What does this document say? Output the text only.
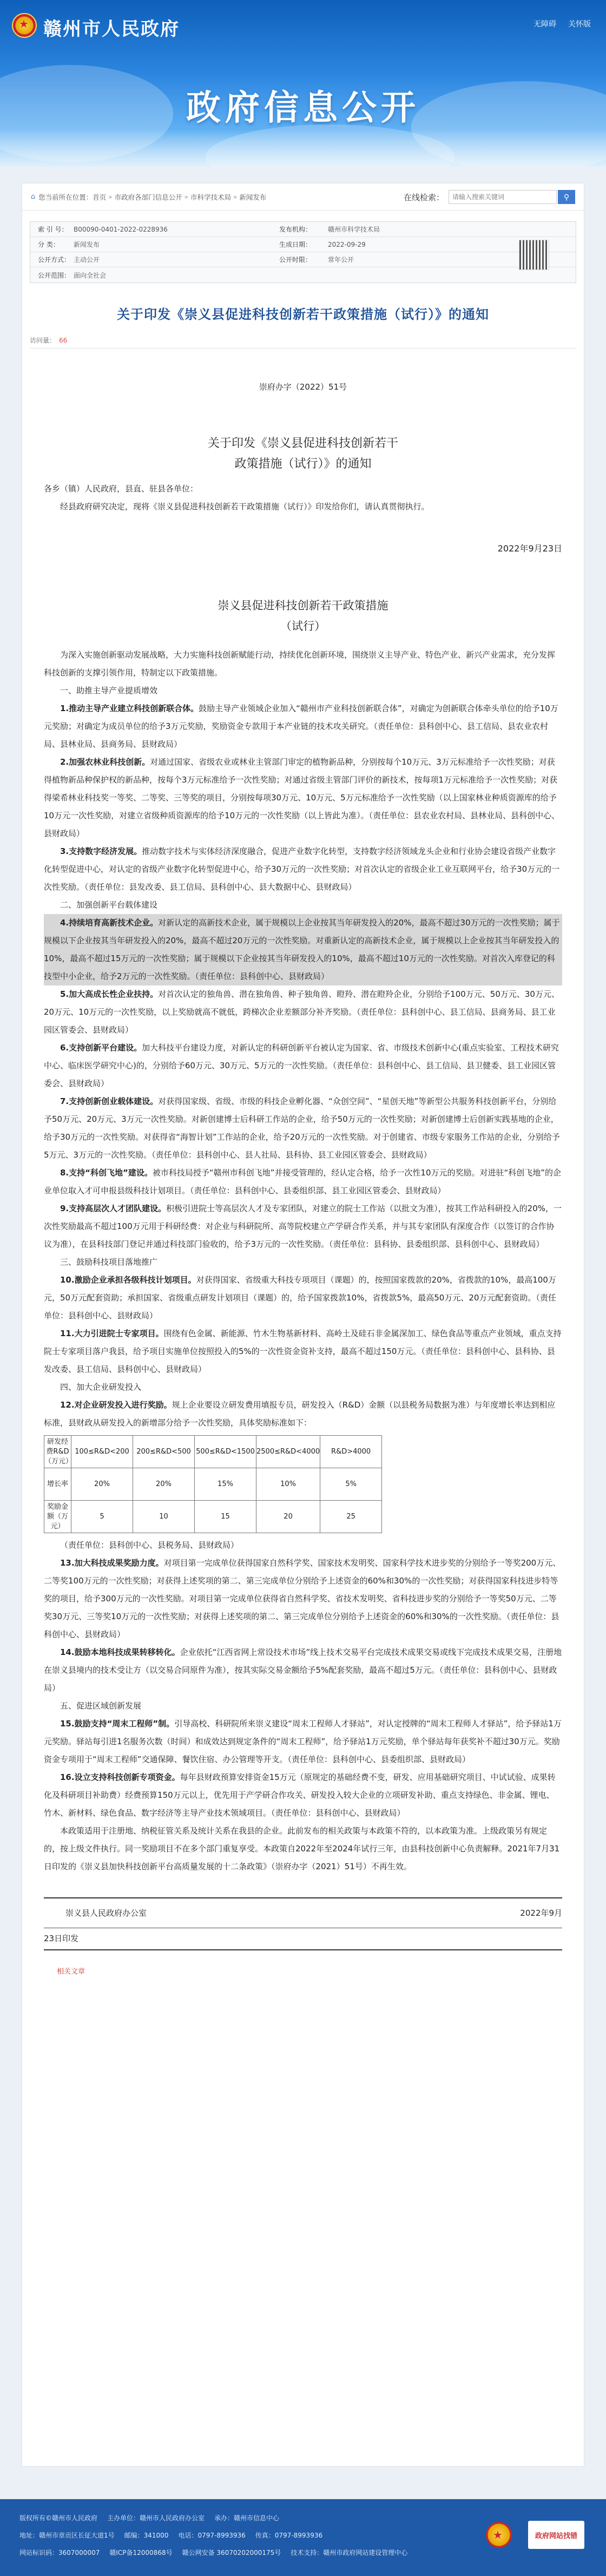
★ 赣州市人民政府	无障碍 关怀版
政府信息公开
⌂ 您当前所在位置： 首页 » 市政府各部门信息公开 » 市科学技术局 » 新闻发布	在线检索：
请输入搜索关键词	⚲
索 引 号： B00090-0401-2022-0228936	发布机构：	赣州市科学技术局
分 类：	新闻发布	生成日期：	2022-09-29
公开方式： 主动公开	公开时限：	常年公开
公开范围： 面向全社会
关于印发《崇义县促进科技创新若干政策措施（试行）》的通知
访问量： 66
崇府办字（2022）51号
关于印发《崇义县促进科技创新若干
政策措施（试行）》的通知
各乡（镇）人民政府，县直、驻县各单位：
经县政府研究决定，现将《崇义县促进科技创新若干政策措施（试行）》印发给你们，请认真贯彻执行。
2022年9月23日
崇义县促进科技创新若干政策措施
（试行）
为深入实施创新驱动发展战略，大力实施科技创新赋能行动，持续优化创新环境，围绕崇义主导产业、特色产业、新兴产业需求，充分发挥科技创新的支撑引领作用，特制定以下政策措施。
一、助推主导产业提质增效
1.推动主导产业建立科技创新联合体。鼓励主导产业领域企业加入“赣州市产业科技创新联合体”，对确定为创新联合体牵头单位的给予10万元奖励；对确定为成员单位的给予3万元奖励，奖励资金专款用于本产业链的技术攻关研究。（责任单位：县科创中心、县工信局、县农业农村局、县林业局、县商务局、县财政局）
2.加强农林业科技创新。对通过国家、省级农业或林业主管部门审定的植物新品种，分别按每个10万元、3万元标准给予一次性奖励；对获得植物新品种保护权的新品种，按每个3万元标准给予一次性奖励；对通过省级主管部门评价的新技术，按每项1万元标准给予一次性奖励；对获得梁希林业科技奖一等奖、二等奖、三等奖的项目，分别按每项30万元、10万元、5万元标准给予一次性奖励（以上国家林业种质资源库的给予10万元一次性奖励，对建立省级种质资源库的给予10万元的一次性奖励（以上皆此为准）。（责任单位：县农业农村局、县林业局、县科创中心、县财政局）
3.支持数字经济发展。推动数字技术与实体经济深度融合，促进产业数字化转型，支持数字经济领域龙头企业和行业协会建设省级产业数字化转型促进中心，对认定的省级产业数字化转型促进中心，给予30万元的一次性奖励；对首次认定的省级企业工业互联网平台，给予30万元的一次性奖励。（责任单位：县发改委、县工信局、县科创中心、县大数据中心、县财政局）
二、加强创新平台载体建设
4.持续培育高新技术企业。对新认定的高新技术企业，属于规模以上企业按其当年研发投入的20%，最高不超过30万元的一次性奖励；属于规模以下企业按其当年研发投入的20%，最高不超过20万元的一次性奖励。对重新认定的高新技术企业，属于规模以上企业按其当年研发投入的10%，最高不超过15万元的一次性奖励；属于规模以下企业按其当年研发投入的10%，最高不超过10万元的一次性奖励。对首次入库登记的科技型中小企业，给予2万元的一次性奖励。（责任单位：县科创中心、县财政局）
5.加大高成长性企业扶持。对首次认定的独角兽、潜在独角兽、种子独角兽、瞪羚、潜在瞪羚企业，分别给予100万元、50万元、30万元、20万元、10万元的一次性奖励，以上奖励就高不就低，跨梯次企业差额部分补齐奖励。（责任单位：县科创中心、县工信局、县商务局、县工业园区管委会、县财政局）
6.支持创新平台建设。加大科技平台建设力度，对新认定的科研创新平台被认定为国家、省、市级技术创新中心(重点实验室、工程技术研究中心、临床医学研究中心)的，分别给予60万元、30万元、5万元的一次性奖励。（责任单位：县科创中心、县工信局、县卫健委、县工业园区管委会、县财政局）
7.支持创新创业载体建设。对获得国家级、省级、市级的科技企业孵化器、“众创空间”、“星创天地”等新型公共服务科技创新平台，分别给予50万元、20万元、3万元一次性奖励。对新创建博士后科研工作站的企业，给予50万元的一次性奖励；对新创建博士后创新实践基地的企业，给予30万元的一次性奖励。对获得省“海智计划”工作站的企业，给予20万元的一次性奖励。对于创建省、市级专家服务工作站的企业，分别给予5万元、3万元的一次性奖励。（责任单位：县科创中心、县人社局、县科协、县工业园区管委会、县财政局）
8.支持“科创飞地”建设。被市科技局授予“赣州市科创飞地”并接受管理的，经认定合格，给予一次性10万元的奖励。对进驻“科创飞地”的企业单位取入才可申报县级科技计划项目。（责任单位：县科创中心、县委组织部、县工业园区管委会、县财政局）
9.支持高层次人才团队建设。积极引进院士等高层次人才及专家团队，对建立的院士工作站（以批文为准），按其工作站科研投入的20%，一次性奖励最高不超过100万元用于科研经费：对企业与科研院所、高等院校建立产学研合作关系，并与其专家团队有深度合作（以签订的合作协议为准），在县科技部门登记并通过科技部门验收的，给予3万元的一次性奖励。（责任单位：县科协、县委组织部、县科创中心、县财政局）
三、鼓励科技项目落地推广
10.激励企业承担各级科技计划项目。对获得国家、省级重大科技专项项目（课题）的，按照国家拨款的20%，省拨款的10%，最高100万元，50万元配套资助；承担国家、省级重点研发计划项目（课题）的，给予国家拨款10%，省拨款5%，最高50万元、20万元配套资助。（责任单位：县科创中心、县财政局）
11.大力引进院士专家项目。围绕有色金属、新能源、竹木生物基新材料、高岭土及硅石非金属深加工、绿色食品等重点产业领域，重点支持院士专家项目落户我县，给予项目实施单位按照投入的5%的一次性资金资补支持，最高不超过150万元。（责任单位：县科创中心、县科协、县发改委、县工信局、县科创中心、县财政局）
四、加大企业研发投入
12.对企业研发投入进行奖励。规上企业要设立研发费用填报专员，研发投入（R&D）金额（以县税务局数据为准）与年度增长率达到相应标准，县财政从研发投入的新增部分给予一次性奖励，具体奖励标准如下：
研发经费R&D（万元）	100≤R&D<200	200≤R&D<500	500≤R&D<1500	2500≤R&D<4000	R&D>4000
增长率	20%	20%	15%	10%	5%
奖励金额（万元）	5	10	15	20	25
（责任单位：县科创中心、县税务局、县财政局）
13.加大科技成果奖励力度。对项目第一完成单位获得国家自然科学奖、国家技术发明奖、国家科学技术进步奖的分别给予一等奖200万元、二等奖100万元的一次性奖励；对获得上述奖项的第二、第三完成单位分别给予上述资金的60%和30%的一次性奖励；对获得国家科技进步特等奖的项目，给予300万元的一次性奖励。对项目第一完成单位获得省自然科学奖、省技术发明奖、省科技进步奖的分别给予一等奖50万元、二等奖30万元、三等奖10万元的一次性奖励；对获得上述奖项的第二、第三完成单位分别给予上述资金的60%和30%的一次性奖励。（责任单位：县科创中心、县财政局）
14.鼓励本地科技成果转移转化。企业依托“江西省网上常设技术市场”线上技术交易平台完成技术成果交易或线下完成技术成果交易，注册地在崇义县境内的技术受让方（以交易合同原件为准），按其实际交易金额给予5%配套奖励，最高不超过5万元。（责任单位：县科创中心、县财政局）
五、促进区域创新发展
15.鼓励支持“周末工程师”制。引导高校、科研院所来崇义建设“周末工程师人才驿站”，对认定授牌的“周末工程师人才驿站”，给予驿站1万元奖励。驿站每引进1名服务次数（时间）和成效达到规定条件的“周末工程师”，给予驿站1万元奖励，单个驿站每年获奖补不超过30万元。奖励资金专项用于“周末工程师”交通保障、餐饮住宿、办公管理等开支。（责任单位：县科创中心、县委组织部、县财政局）
16.设立支持科技创新专项资金。每年县财政预算安排资金15万元（原规定的基础经费不变，研发、应用基础研究项目、中试试验、成果转化及科研项目补助费）经费预算150万元以上，优先用于产学研合作攻关、研发投入较大企业的立项研发补助、重点支持绿色、非金属、锂电、竹木、新材料、绿色食品、数字经济等主导产业技术领域项目。（责任单位：县科创中心、县财政局）
本政策适用于注册地、纳税征管关系及统计关系在我县的企业。此前发布的相关政策与本政策不符的，以本政策为准。上级政策另有规定的，按上级文件执行。同一奖励项目不在多个部门重复享受。本政策自2022年至2024年试行三年，由县科技创新中心负责解释。2021年7月31日印发的《崇义县加快科技创新平台高质量发展的十二条政策》（崇府办字（2021）51号）不再生效。
崇义县人民政府办公室	2022年9月
23日印发
相关文章
版权所有©赣州市人民政府 主办单位：赣州市人民政府办公室 承办：赣州市信息中心
地址：赣州市章贡区长征大道1号 邮编：341000 电话：0797-8993936 传真：0797-8993936
网站标识码：3607000007 赣ICP备12000868号 赣公网安备 36070202000175号 技术支持：赣州市政府网站建设管理中心
★	政府网站找错
